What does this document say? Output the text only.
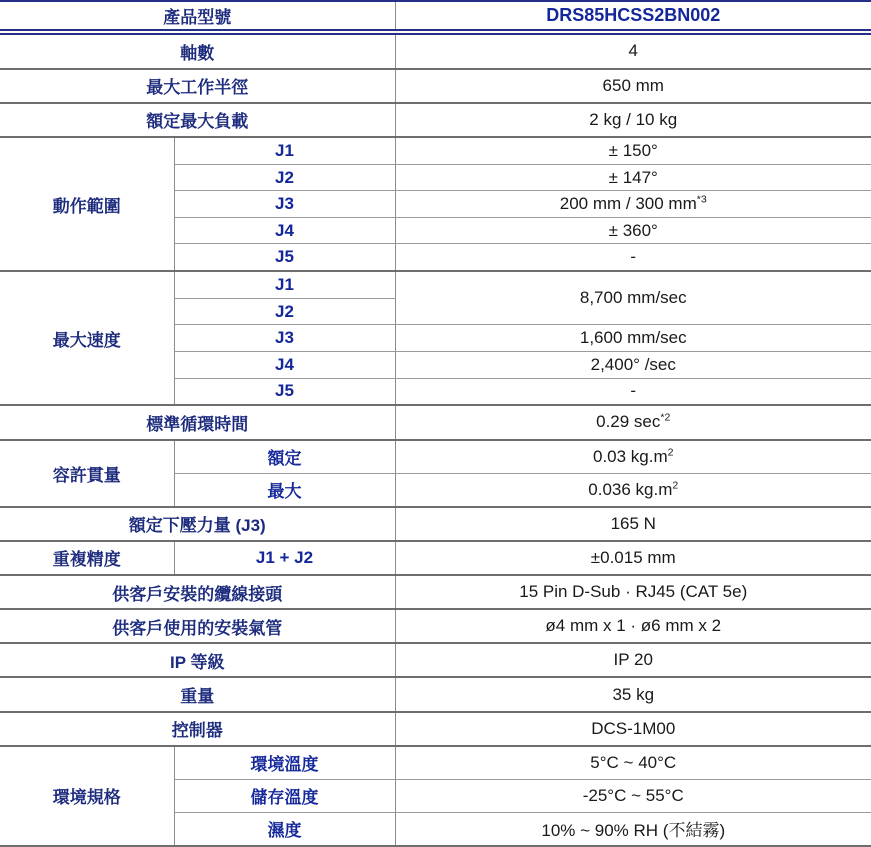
產品型號		DRS85HCSS2BN002
軸數		4
最大工作半徑		650 mm
額定最大負載		2 kg / 10 kg
動作範圍	J1	± 150°
	J2	± 147°
	J3	200 mm / 300 $mm^{*3}$
	J4	± 360°
	J5	-
最大速度	J1	8,700 mm/sec
	J2	
	J3	1,600 mm/sec
	J4	2,400° /sec
	J5	-
標準循環時間		0.29 $\sec^{*2}$
容許貫量	額定	0.03 $kg.m^2$
	最大	0.036 $kg.m^2$
額定下壓力量 (J3)		165 N
重複精度	J1 + J2	±0.015 mm
供客戶安裝的纜線接頭		15 Pin D-Sub · RJ45 (CAT 5e)
供客戶使用的安裝氣管		ø4 mm x 1 · ø6 mm x 2
IP 等級		IP 20
重量		35 kg
控制器		DCS-1M00
環境規格	環境溫度	5°C ~ 40°C
	儲存溫度	-25°C ~ 55°C
	濕度	10% ~ 90% RH (不結霧)
